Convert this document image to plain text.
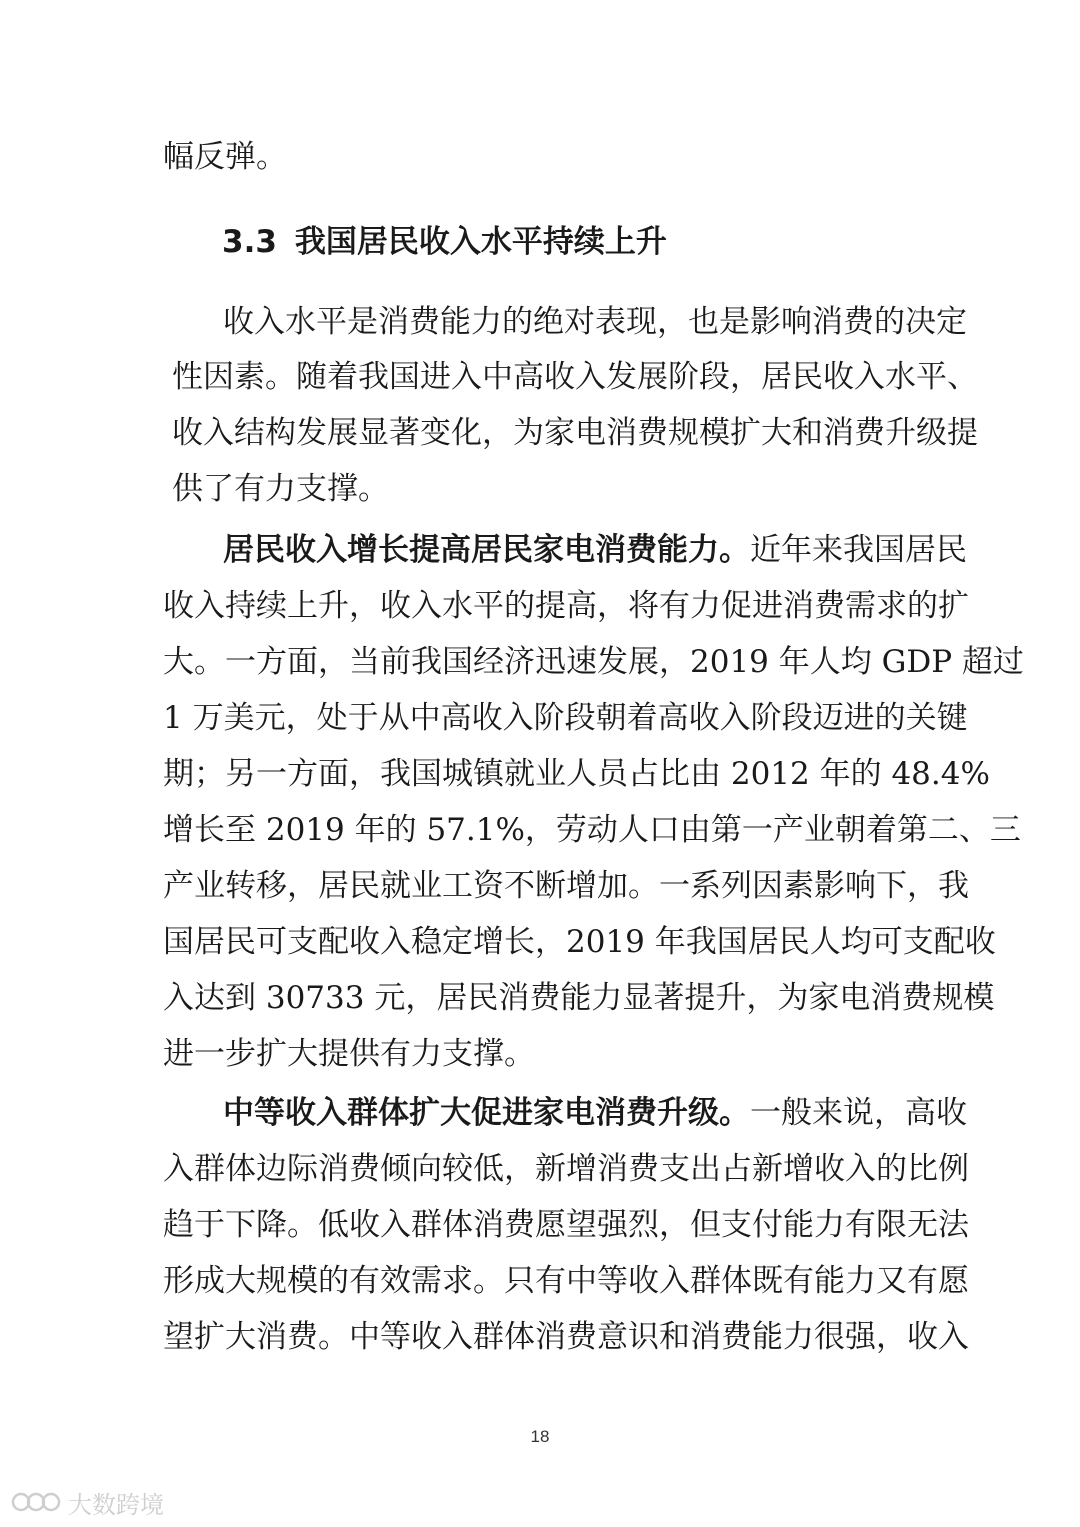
幅反弹。
3.3 我国居民收入水平持续上升
收入水平是消费能力的绝对表现，也是影响消费的决定
性因素。随着我国进入中高收入发展阶段，居民收入水平、
收入结构发展显著变化，为家电消费规模扩大和消费升级提
供了有力支撑。
居民收入增长提高居民家电消费能力。近年来我国居民
收入持续上升，收入水平的提高，将有力促进消费需求的扩
大。一方面，当前我国经济迅速发展，2019 年人均 GDP 超过
1 万美元，处于从中高收入阶段朝着高收入阶段迈进的关键
期；另一方面，我国城镇就业人员占比由 2012 年的 48.4%
增长至 2019 年的 57.1%，劳动人口由第一产业朝着第二、三
产业转移，居民就业工资不断增加。一系列因素影响下，我
国居民可支配收入稳定增长，2019 年我国居民人均可支配收
入达到 30733 元，居民消费能力显著提升，为家电消费规模
进一步扩大提供有力支撑。
中等收入群体扩大促进家电消费升级。一般来说，高收
入群体边际消费倾向较低，新增消费支出占新增收入的比例
趋于下降。低收入群体消费愿望强烈，但支付能力有限无法
形成大规模的有效需求。只有中等收入群体既有能力又有愿
望扩大消费。中等收入群体消费意识和消费能力很强，收入
18
大数跨境
